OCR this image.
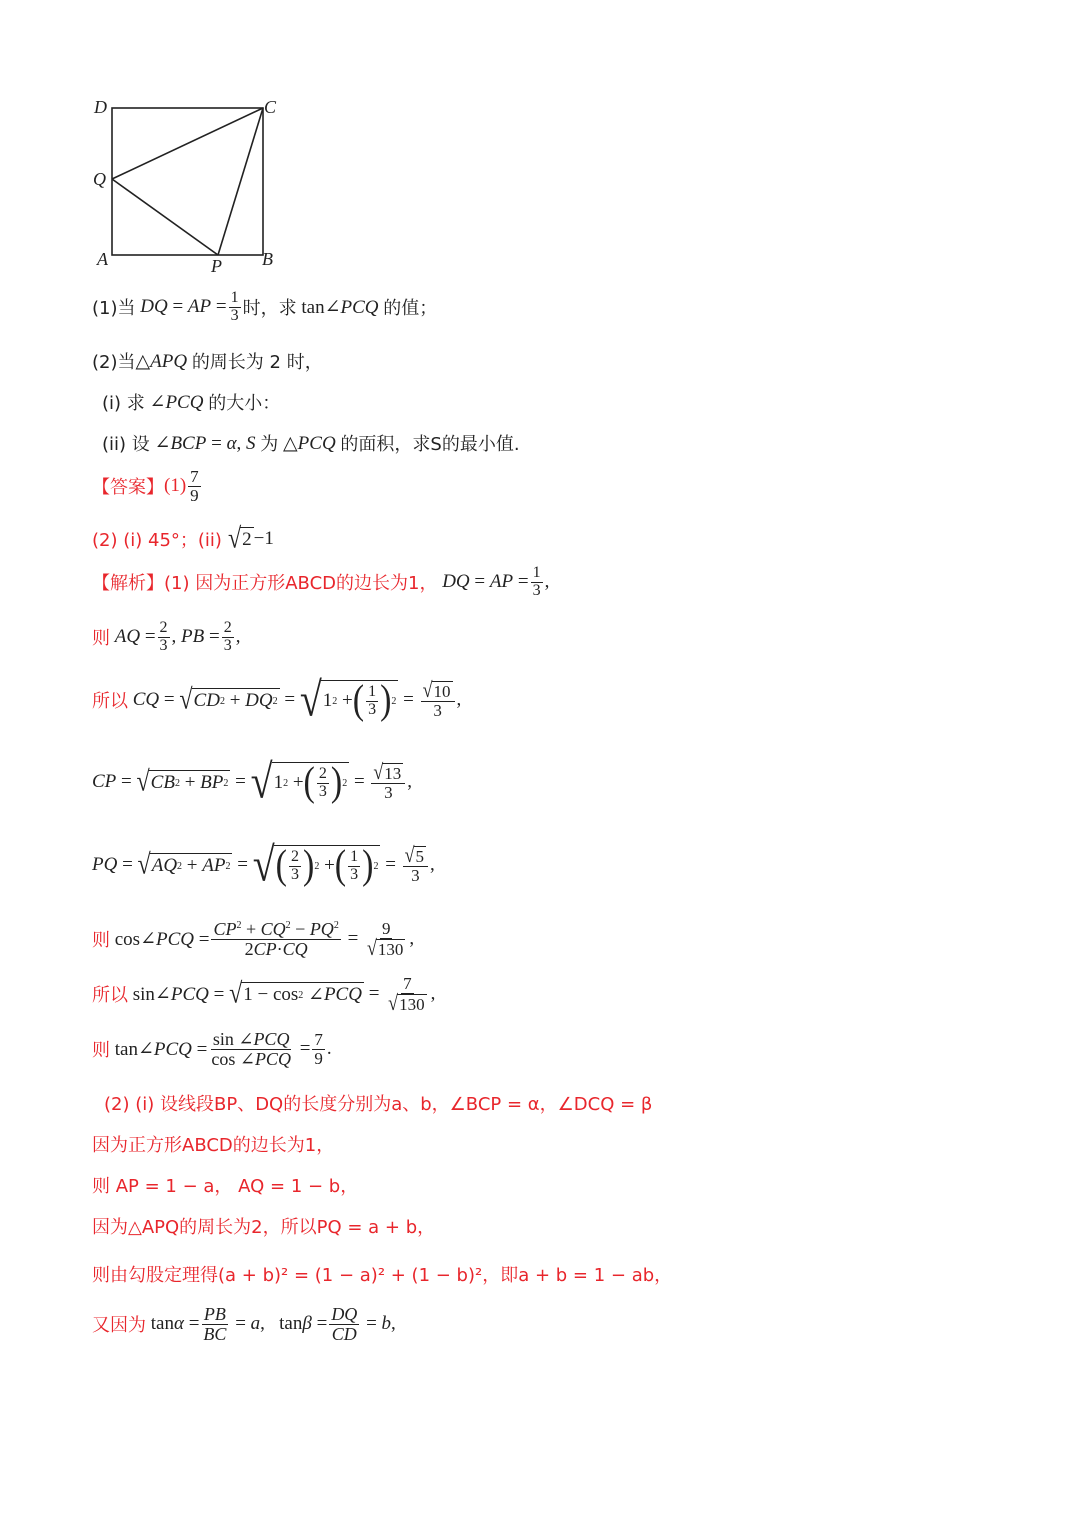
D	C
Q
A	P B
(1)当 DQ = AP = $\frac{1}{3}$ 时，求 tan∠PCQ 的值；
(2)当 △APQ 的周长为 2 时，
(i) 求 ∠PCQ 的大小：
(ii) 设 ∠BCP = α, S 为 △PCQ 的面积，求S的最小值.
【答案】 $(1) \frac{7}{9}$
(2) (i) 45°；(ii) √ 2 −1
【解析】 (1) 因为正方形ABCD的边长为1， DQ = AP = $\frac{1}{3}$ ,
则 AQ = $\frac{2}{3}$ , PB = $\frac{2}{3}$ ,
所以 CQ = √ CD 2 + DQ 2 = √ 1 2 + ( $\frac{1}{3}$ ) $2 = \frac{√ 10}{3}$ ,
CP = √ CB 2 + BP 2 = √ 1 2 + ( $\frac{2}{3}$ ) $2 = \frac{√ 13}{3}$ ,
PQ = √ AQ 2 + AP 2 = √ ( $\frac{2}{3}$ ) 2 + ( $\frac{1}{3}$ ) $2 = \frac{√ 5}{3}$ ,
则 cos∠PCQ = $\frac{CP^2 + CQ^2 - PQ^2}{2CP\cdot CQ} = \frac{9}{√ 130}$ ,
所以 sin∠PCQ = √ 1 − cos 2 ∠ PCQ = $\frac{7}{√ 130}$ ,
则 tan∠PCQ = $\frac{\text{sin ∠PCQ}}{\text{cos ∠PCQ}} = \frac{7}{9}$ .
(2) (i) 设线段BP、DQ的长度分别为a、b，∠BCP = α，∠DCQ = β
因为正方形ABCD的边长为1，
则 AP = 1 − a， AQ = 1 − b，
因为△APQ的周长为2，所以PQ = a + b，
则由勾股定理得(a + b)² = (1 − a)² + (1 − b)²，即a + b = 1 − ab，
又因为 $\tan\alpha = \frac{PB}{BC} = a$,   $\tan\beta = \frac{DQ}{CD} = b$,
